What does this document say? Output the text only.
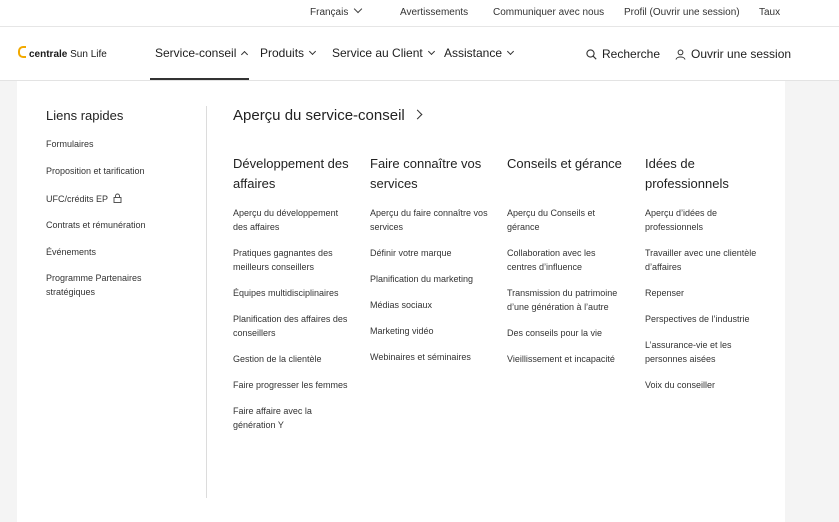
Français	Avertissements Communiquer avec nous Profil (Ouvrir une session) Taux
centrale Sun Life	Service-conseil	Produits	Service au Client	Assistance	Recherche	Ouvrir une session
Liens rapides
Formulaires
Proposition et tarification
UFC/crédits EP
Contrats et rémunération
Événements
Programme Partenaires stratégiques
Aperçu du service-conseil
Développement des affaires
Aperçu du développement des affaires
Pratiques gagnantes des meilleurs conseillers
Équipes multidisciplinaires
Planification des affaires des conseillers
Gestion de la clientèle
Faire progresser les femmes
Faire affaire avec la génération Y
Faire connaître vos services
Aperçu du faire connaître vos services
Définir votre marque
Planification du marketing
Médias sociaux
Marketing vidéo
Webinaires et séminaires
Conseils et gérance
Aperçu du Conseils et gérance
Collaboration avec les centres d’influence
Transmission du patrimoine d’une génération à l’autre
Des conseils pour la vie
Vieillissement et incapacité
Idées de professionnels
Aperçu d’idées de professionnels
Travailler avec une clientèle d’affaires
Repenser
Perspectives de l’industrie
L’assurance-vie et les personnes aisées
Voix du conseiller
